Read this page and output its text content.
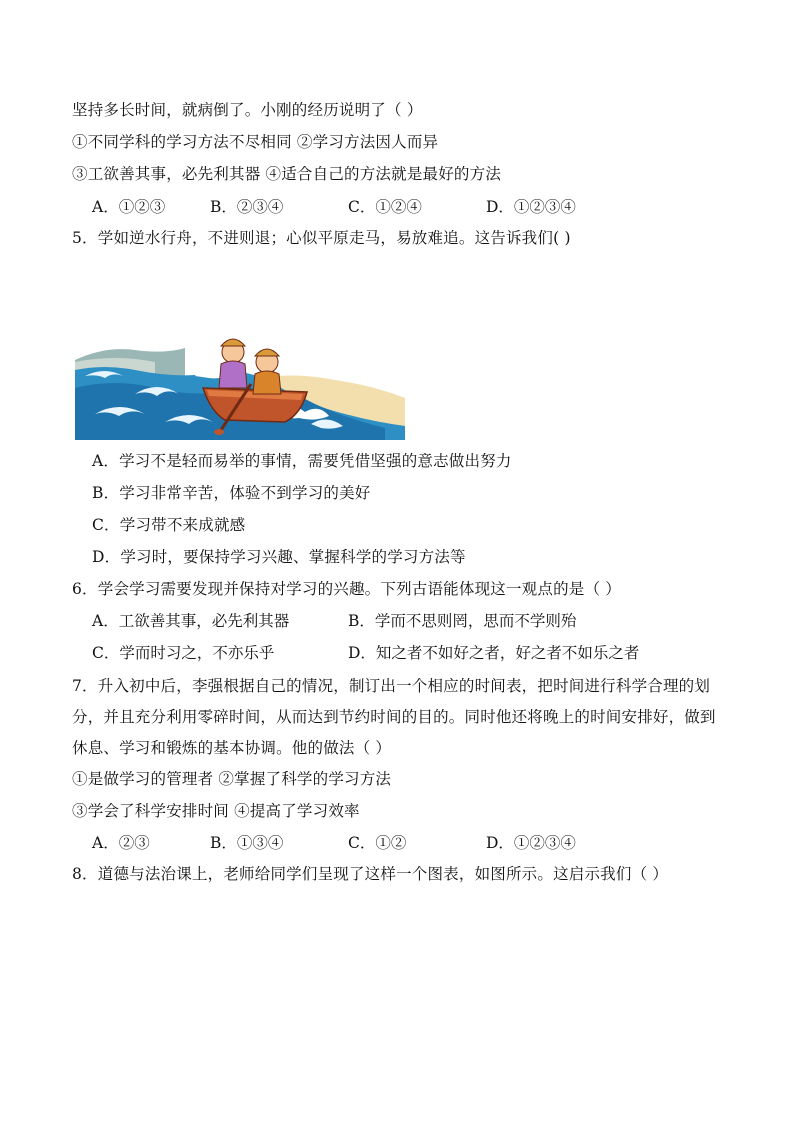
坚持多长时间，就病倒了。小刚的经历说明了（ ）
①不同学科的学习方法不尽相同 ②学习方法因人而异
③工欲善其事，必先利其器 ④适合自己的方法就是最好的方法
A．①②③	B．②③④	C．①②④	D．①②③④
5．学如逆水行舟，不进则退；心似平原走马，易放难追。这告诉我们( )
A．学习不是轻而易举的事情，需要凭借坚强的意志做出努力
B．学习非常辛苦，体验不到学习的美好
C．学习带不来成就感
D．学习时，要保持学习兴趣、掌握科学的学习方法等
6．学会学习需要发现并保持对学习的兴趣。下列古语能体现这一观点的是（ ）
A．工欲善其事，必先利其器	B．学而不思则罔，思而不学则殆
C．学而时习之，不亦乐乎	D．知之者不如好之者，好之者不如乐之者
7．升入初中后，李强根据自己的情况，制订出一个相应的时间表，把时间进行科学合理的划
分，并且充分利用零碎时间，从而达到节约时间的目的。同时他还将晚上的时间安排好，做到
休息、学习和锻炼的基本协调。他的做法（ ）
①是做学习的管理者 ②掌握了科学的学习方法
③学会了科学安排时间 ④提高了学习效率
A．②③	B．①③④	C．①②	D．①②③④
8．道德与法治课上，老师给同学们呈现了这样一个图表，如图所示。这启示我们（ ）
